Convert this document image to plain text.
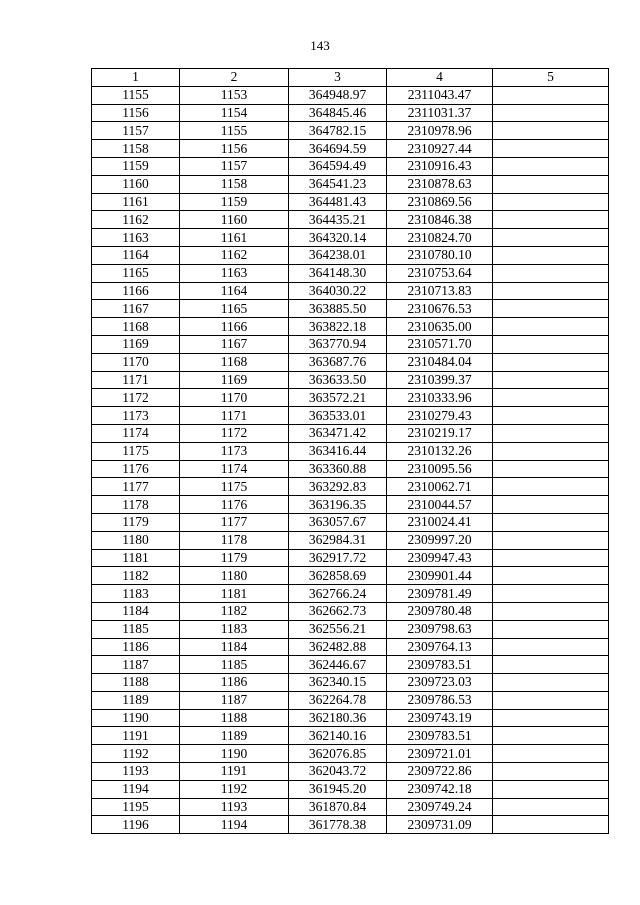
143
1	2	3	4	5
1155	1153	364948.97	2311043.47	
1156	1154	364845.46	2311031.37	
1157	1155	364782.15	2310978.96	
1158	1156	364694.59	2310927.44	
1159	1157	364594.49	2310916.43	
1160	1158	364541.23	2310878.63	
1161	1159	364481.43	2310869.56	
1162	1160	364435.21	2310846.38	
1163	1161	364320.14	2310824.70	
1164	1162	364238.01	2310780.10	
1165	1163	364148.30	2310753.64	
1166	1164	364030.22	2310713.83	
1167	1165	363885.50	2310676.53	
1168	1166	363822.18	2310635.00	
1169	1167	363770.94	2310571.70	
1170	1168	363687.76	2310484.04	
1171	1169	363633.50	2310399.37	
1172	1170	363572.21	2310333.96	
1173	1171	363533.01	2310279.43	
1174	1172	363471.42	2310219.17	
1175	1173	363416.44	2310132.26	
1176	1174	363360.88	2310095.56	
1177	1175	363292.83	2310062.71	
1178	1176	363196.35	2310044.57	
1179	1177	363057.67	2310024.41	
1180	1178	362984.31	2309997.20	
1181	1179	362917.72	2309947.43	
1182	1180	362858.69	2309901.44	
1183	1181	362766.24	2309781.49	
1184	1182	362662.73	2309780.48	
1185	1183	362556.21	2309798.63	
1186	1184	362482.88	2309764.13	
1187	1185	362446.67	2309783.51	
1188	1186	362340.15	2309723.03	
1189	1187	362264.78	2309786.53	
1190	1188	362180.36	2309743.19	
1191	1189	362140.16	2309783.51	
1192	1190	362076.85	2309721.01	
1193	1191	362043.72	2309722.86	
1194	1192	361945.20	2309742.18	
1195	1193	361870.84	2309749.24	
1196	1194	361778.38	2309731.09	
